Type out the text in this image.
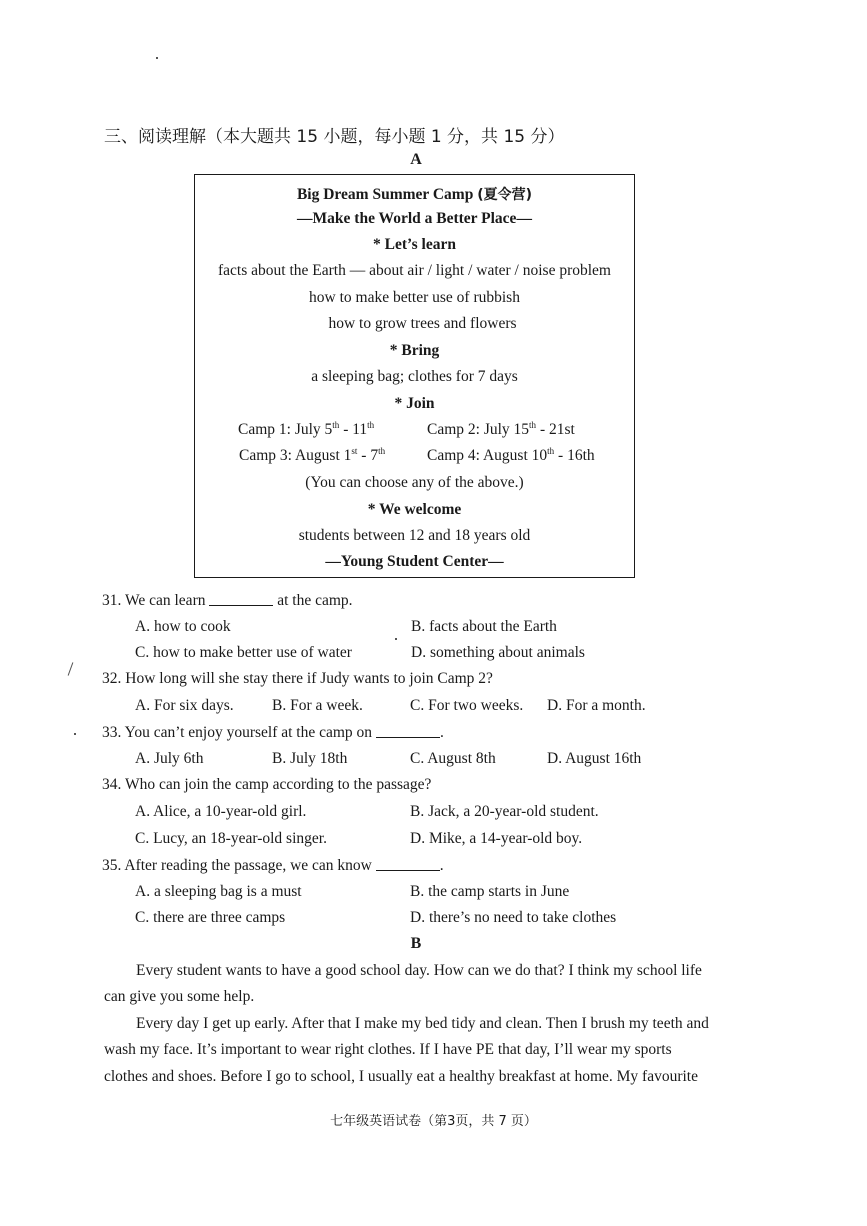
三、阅读理解（本大题共 15 小题，每小题 1 分，共 15 分）
A
Big Dream Summer Camp (夏令营)
—Make the World a Better Place—
* Let’s learn
facts about the Earth — about air / light / water / noise problem
how to make better use of rubbish
how to grow trees and flowers
* Bring
a sleeping bag; clothes for 7 days
* Join
Camp 1: July 5th - 11th	Camp 2: July 15th - 21st
Camp 3: August 1st - 7th	Camp 4: August 10th - 16th
(You can choose any of the above.)
* We welcome
students between 12 and 18 years old
—Young Student Center—
31. We can learn	at the camp.
A. how to cook	B. facts about the Earth
C. how to make better use of water	D. something about animals
32. How long will she stay there if Judy wants to join Camp 2?
A. For six days. B. For a week.	C. For two weeks. D. For a month.
33. You can’t enjoy yourself at the camp on	.
A. July 6th	B. July 18th	C. August 8th	D. August 16th
34. Who can join the camp according to the passage?
A. Alice, a 10-year-old girl.	B. Jack, a 20-year-old student.
C. Lucy, an 18-year-old singer.	D. Mike, a 14-year-old boy.
35. After reading the passage, we can know	.
A. a sleeping bag is a must	B. the camp starts in June
C. there are three camps	D. there’s no need to take clothes
B
Every student wants to have a good school day. How can we do that? I think my school life
can give you some help.
Every day I get up early. After that I make my bed tidy and clean. Then I brush my teeth and
wash my face. It’s important to wear right clothes. If I have PE that day, I’ll wear my sports
clothes and shoes. Before I go to school, I usually eat a healthy breakfast at home. My favourite
七年级英语试卷（第3页，共 7 页）
